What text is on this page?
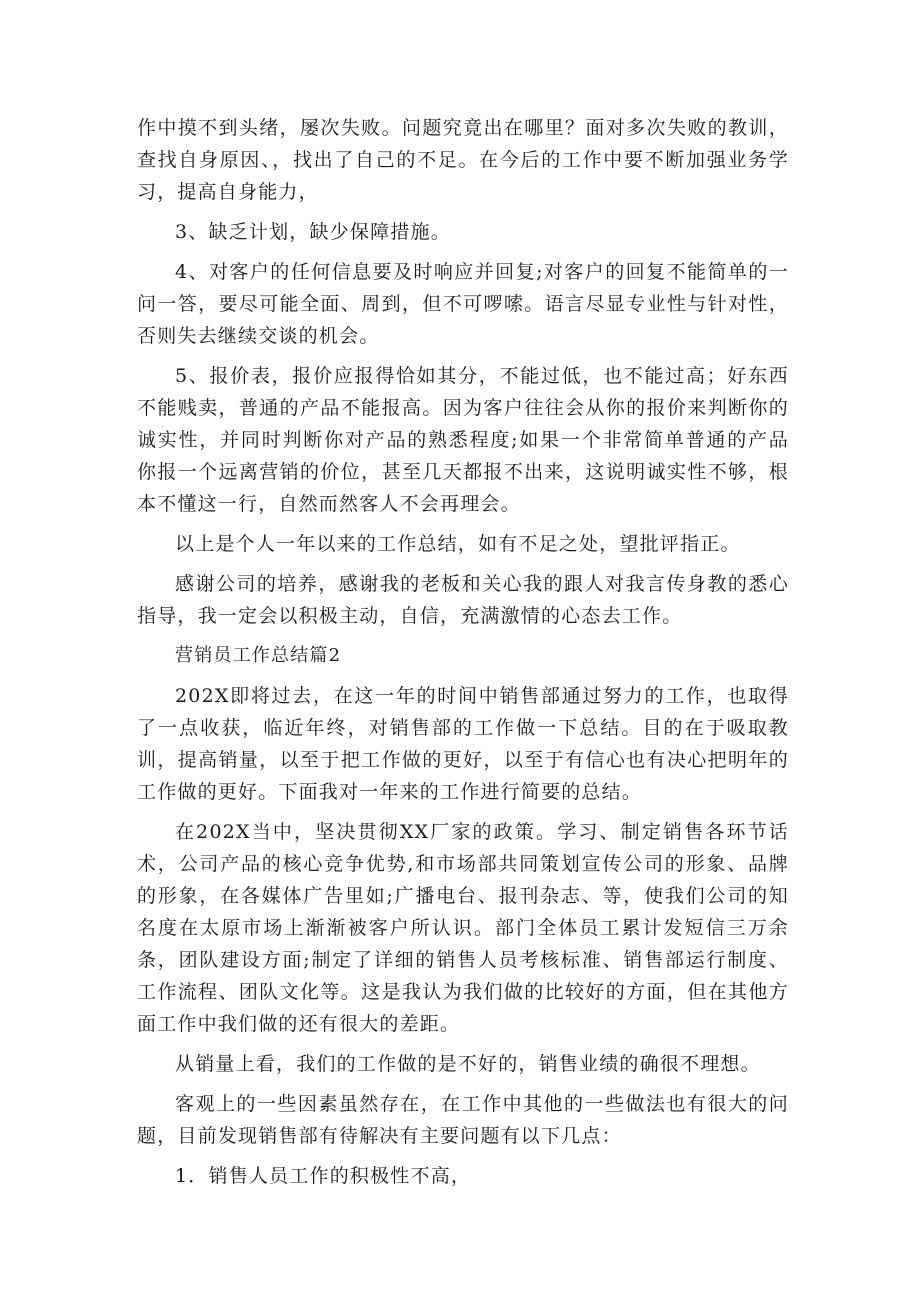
作中摸不到头绪，屡次失败。问题究竟出在哪里？面对多次失败的教训，查找自身原因、，找出了自己的不足。在今后的工作中要不断加强业务学习，提高自身能力，

3、缺乏计划，缺少保障措施。

4、对客户的任何信息要及时响应并回复;对客户的回复不能简单的一问一答，要尽可能全面、周到，但不可啰嗦。语言尽显专业性与针对性，否则失去继续交谈的机会。

5、报价表，报价应报得恰如其分，不能过低，也不能过高；好东西不能贱卖，普通的产品不能报高。因为客户往往会从你的报价来判断你的诚实性，并同时判断你对产品的熟悉程度;如果一个非常简单普通的产品你报一个远离营销的价位，甚至几天都报不出来，这说明诚实性不够，根本不懂这一行，自然而然客人不会再理会。

以上是个人一年以来的工作总结，如有不足之处，望批评指正。

感谢公司的培养，感谢我的老板和关心我的跟人对我言传身教的悉心指导，我一定会以积极主动，自信，充满激情的心态去工作。

营销员工作总结篇2

202X即将过去，在这一年的时间中销售部通过努力的工作，也取得了一点收获，临近年终，对销售部的工作做一下总结。目的在于吸取教训，提高销量，以至于把工作做的更好，以至于有信心也有决心把明年的工作做的更好。下面我对一年来的工作进行简要的总结。

在202X当中，坚决贯彻XX厂家的政策。学习、制定销售各环节话术，公司产品的核心竞争优势,和市场部共同策划宣传公司的形象、品牌的形象，在各媒体广告里如;广播电台、报刊杂志、等，使我们公司的知名度在太原市场上渐渐被客户所认识。部门全体员工累计发短信三万余条，团队建设方面;制定了详细的销售人员考核标准、销售部运行制度、工作流程、团队文化等。这是我认为我们做的比较好的方面，但在其他方面工作中我们做的还有很大的差距。

从销量上看，我们的工作做的是不好的，销售业绩的确很不理想。

客观上的一些因素虽然存在，在工作中其他的一些做法也有很大的问题，目前发现销售部有待解决有主要问题有以下几点：

1．销售人员工作的积极性不高，
